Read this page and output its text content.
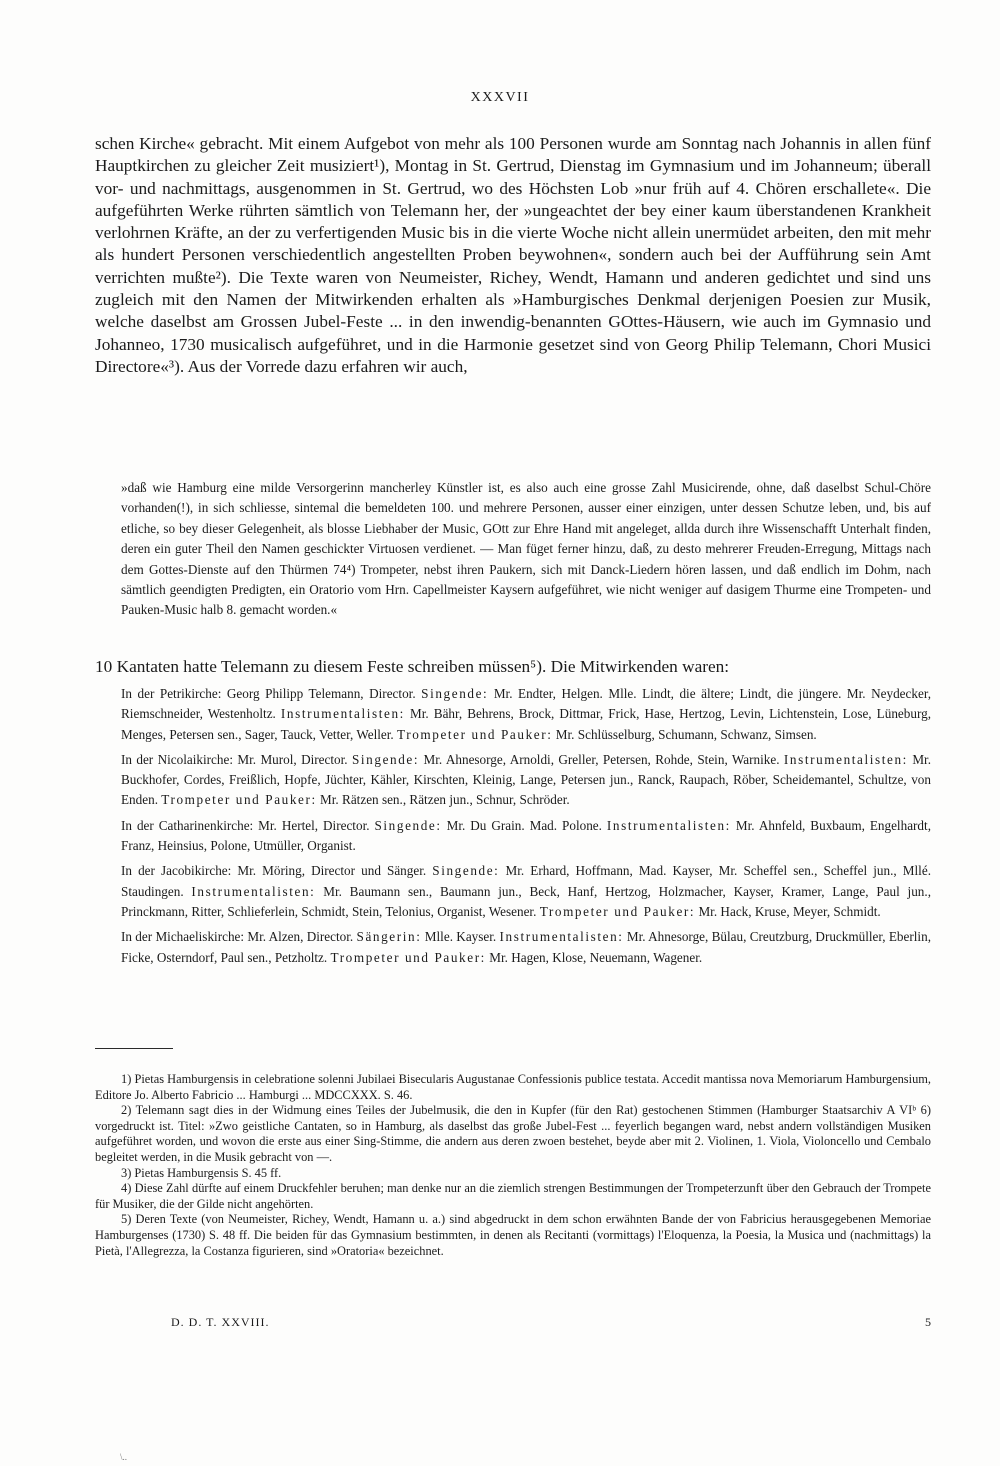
XXXVII

schen Kirche« gebracht. Mit einem Aufgebot von mehr als 100 Personen wurde am Sonntag nach Johannis in allen fünf Hauptkirchen zu gleicher Zeit musiziert¹), Montag in St. Gertrud, Dienstag im Gymnasium und im Johanneum; überall vor- und nachmittags, ausgenommen in St. Gertrud, wo des Höchsten Lob »nur früh auf 4. Chören erschallete«. Die aufgeführten Werke rührten sämtlich von Telemann her, der »ungeachtet der bey einer kaum überstandenen Krankheit verlohrnen Kräfte, an der zu verfertigenden Music bis in die vierte Woche nicht allein unermüdet arbeiten, den mit mehr als hundert Personen verschiedentlich angestellten Proben beywohnen«, sondern auch bei der Aufführung sein Amt verrichten mußte²). Die Texte waren von Neumeister, Richey, Wendt, Hamann und anderen gedichtet und sind uns zugleich mit den Namen der Mitwirkenden erhalten als »Hamburgisches Denkmal derjenigen Poesien zur Musik, welche daselbst am Grossen Jubel-Feste ... in den inwendig-benannten GOttes-Häusern, wie auch im Gymnasio und Johanneo, 1730 musicalisch aufgeführet, und in die Harmonie gesetzet sind von Georg Philip Telemann, Chori Musici Directore«³). Aus der Vorrede dazu erfahren wir auch,

»daß wie Hamburg eine milde Versorgerinn mancherley Künstler ist, es also auch eine grosse Zahl Musicirende, ohne, daß daselbst Schul-Chöre vorhanden(!), in sich schliesse, sintemal die bemeldeten 100. und mehrere Personen, ausser einer einzigen, unter dessen Schutze leben, und, bis auf etliche, so bey dieser Gelegenheit, als blosse Liebhaber der Music, GOtt zur Ehre Hand mit angeleget, allda durch ihre Wissenschafft Unterhalt finden, deren ein guter Theil den Namen geschickter Virtuosen verdienet. — Man füget ferner hinzu, daß, zu desto mehrerer Freuden-Erregung, Mittags nach dem Gottes-Dienste auf den Thürmen 74⁴) Trompeter, nebst ihren Paukern, sich mit Danck-Liedern hören lassen, und daß endlich im Dohm, nach sämtlich geendigten Predigten, ein Oratorio vom Hrn. Capellmeister Kaysern aufgeführet, wie nicht weniger auf dasigem Thurme eine Trompeten- und Pauken-Music halb 8. gemacht worden.«

10 Kantaten hatte Telemann zu diesem Feste schreiben müssen⁵). Die Mitwirkenden waren:

In der Petrikirche: Georg Philipp Telemann, Director. Singende: Mr. Endter, Helgen. Mlle. Lindt, die ältere; Lindt, die jüngere. Mr. Neydecker, Riemschneider, Westenholtz. Instrumentalisten: Mr. Bähr, Behrens, Brock, Dittmar, Frick, Hase, Hertzog, Levin, Lichtenstein, Lose, Lüneburg, Menges, Petersen sen., Sager, Tauck, Vetter, Weller. Trompeter und Pauker: Mr. Schlüsselburg, Schumann, Schwanz, Simsen.

In der Nicolaikirche: Mr. Murol, Director. Singende: Mr. Ahnesorge, Arnoldi, Greller, Petersen, Rohde, Stein, Warnike. Instrumentalisten: Mr. Buckhofer, Cordes, Freißlich, Hopfe, Jüchter, Kähler, Kirschten, Kleinig, Lange, Petersen jun., Ranck, Raupach, Röber, Scheidemantel, Schultze, von Enden. Trompeter und Pauker: Mr. Rätzen sen., Rätzen jun., Schnur, Schröder.

In der Catharinenkirche: Mr. Hertel, Director. Singende: Mr. Du Grain. Mad. Polone. Instrumentalisten: Mr. Ahnfeld, Buxbaum, Engelhardt, Franz, Heinsius, Polone, Utmüller, Organist.

In der Jacobikirche: Mr. Möring, Director und Sänger. Singende: Mr. Erhard, Hoffmann, Mad. Kayser, Mr. Scheffel sen., Scheffel jun., Mllé. Staudingen. Instrumentalisten: Mr. Baumann sen., Baumann jun., Beck, Hanf, Hertzog, Holzmacher, Kayser, Kramer, Lange, Paul jun., Princkmann, Ritter, Schlieferlein, Schmidt, Stein, Telonius, Organist, Wesener. Trompeter und Pauker: Mr. Hack, Kruse, Meyer, Schmidt.

In der Michaeliskirche: Mr. Alzen, Director. Sängerin: Mlle. Kayser. Instrumentalisten: Mr. Ahnesorge, Bülau, Creutzburg, Druckmüller, Eberlin, Ficke, Osterndorf, Paul sen., Petzholtz. Trompeter und Pauker: Mr. Hagen, Klose, Neuemann, Wagener.

1) Pietas Hamburgensis in celebratione solenni Jubilaei Bisecularis Augustanae Confessionis publice testata. Accedit mantissa nova Memoriarum Hamburgensium, Editore Jo. Alberto Fabricio ... Hamburgi ... MDCCXXX. S. 46.

2) Telemann sagt dies in der Widmung eines Teiles der Jubelmusik, die den in Kupfer (für den Rat) gestochenen Stimmen (Hamburger Staatsarchiv A VIᵇ 6) vorgedruckt ist. Titel: »Zwo geistliche Cantaten, so in Hamburg, als daselbst das große Jubel-Fest ... feyerlich begangen ward, nebst andern vollständigen Musiken aufgeführet worden, und wovon die erste aus einer Sing-Stimme, die andern aus deren zwoen bestehet, beyde aber mit 2. Violinen, 1. Viola, Violoncello und Cembalo begleitet werden, in die Musik gebracht von —.

3) Pietas Hamburgensis S. 45 ff.

4) Diese Zahl dürfte auf einem Druckfehler beruhen; man denke nur an die ziemlich strengen Bestimmungen der Trompeterzunft über den Gebrauch der Trompete für Musiker, die der Gilde nicht angehörten.

5) Deren Texte (von Neumeister, Richey, Wendt, Hamann u. a.) sind abgedruckt in dem schon erwähnten Bande der von Fabricius herausgegebenen Memoriae Hamburgenses (1730) S. 48 ff. Die beiden für das Gymnasium bestimmten, in denen als Recitanti (vormittags) l'Eloquenza, la Poesia, la Musica und (nachmittags) la Pietà, l'Allegrezza, la Costanza figurieren, sind »Oratoria« bezeichnet.

D. D. T. XXVIII.	5
\..
